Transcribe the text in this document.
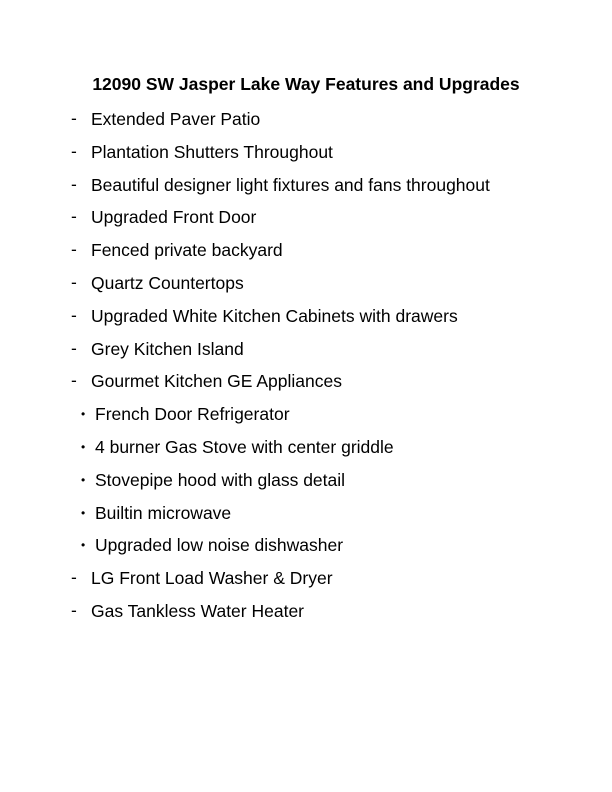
12090 SW Jasper Lake Way Features and Upgrades
- Extended Paver Patio
- Plantation Shutters Throughout
- Beautiful designer light fixtures and fans throughout
- Upgraded Front Door
- Fenced private backyard
- Quartz Countertops
- Upgraded White Kitchen Cabinets with drawers
- Grey Kitchen Island
- Gourmet Kitchen GE Appliances
• French Door Refrigerator
• 4 burner Gas Stove with center griddle
• Stovepipe hood with glass detail
• Builtin microwave
• Upgraded low noise dishwasher
- LG Front Load Washer & Dryer
- Gas Tankless Water Heater
